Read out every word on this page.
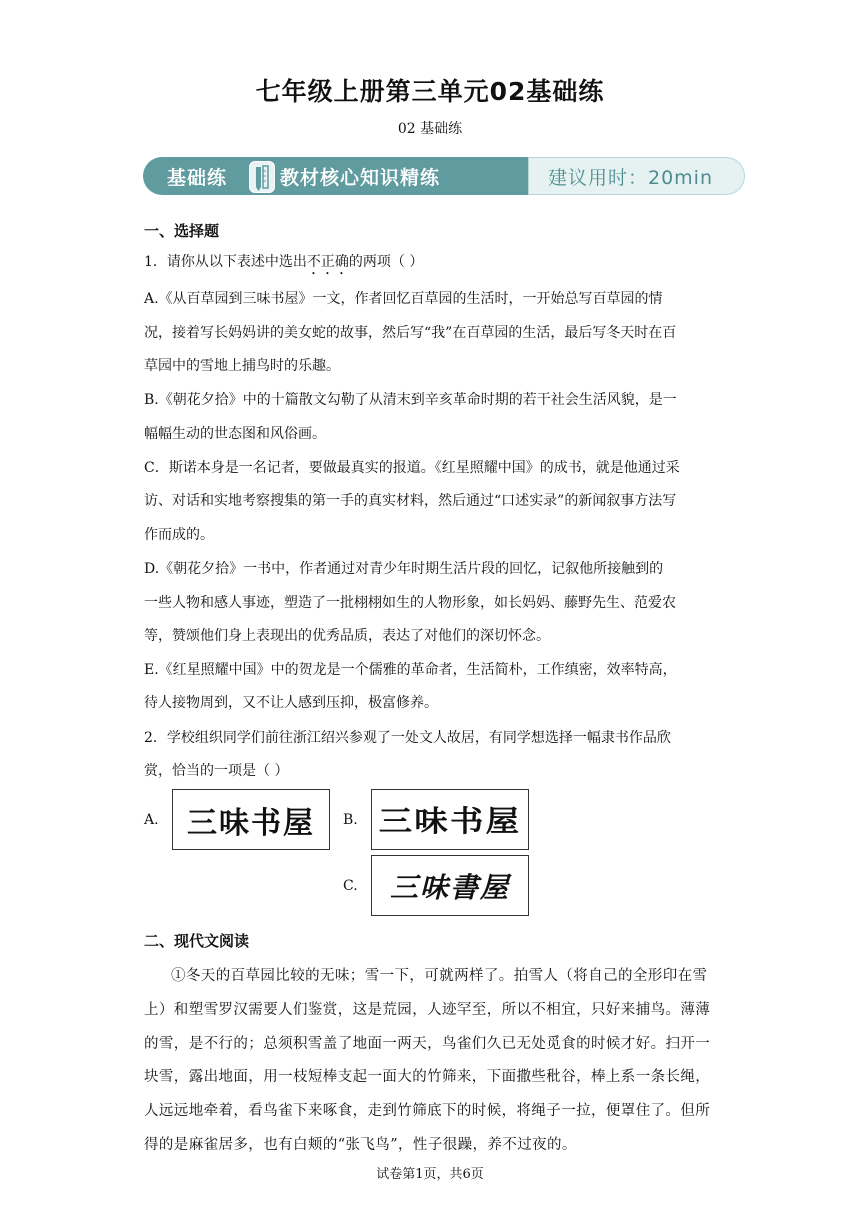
七年级上册第三单元02基础练
02 基础练
基础练	教材核心知识精练	建议用时：20min
一、选择题
1．请你从以下表述中选出不正确的两项（ ）
A.《从百草园到三味书屋》一文，作者回忆百草园的生活时，一开始总写百草园的情
况，接着写长妈妈讲的美女蛇的故事，然后写“我”在百草园的生活，最后写冬天时在百
草园中的雪地上捕鸟时的乐趣。
B.《朝花夕拾》中的十篇散文勾勒了从清末到辛亥革命时期的若干社会生活风貌，是一
幅幅生动的世态图和风俗画。
C．斯诺本身是一名记者，要做最真实的报道。《红星照耀中国》的成书，就是他通过采
访、对话和实地考察搜集的第一手的真实材料，然后通过“口述实录”的新闻叙事方法写
作而成的。
D.《朝花夕拾》一书中，作者通过对青少年时期生活片段的回忆，记叙他所接触到的
一些人物和感人事迹，塑造了一批栩栩如生的人物形象，如长妈妈、藤野先生、范爱农
等，赞颂他们身上表现出的优秀品质，表达了对他们的深切怀念。
E.《红星照耀中国》中的贺龙是一个儒雅的革命者，生活简朴，工作缜密，效率特高，
待人接物周到，又不让人感到压抑，极富修养。
2．学校组织同学们前往浙江绍兴参观了一处文人故居，有同学想选择一幅隶书作品欣
赏，恰当的一项是（ ）
A. 三味书屋 B. 三味书屋
C. 三味書屋
二、现代文阅读
①冬天的百草园比较的无味；雪一下，可就两样了。拍雪人（将自己的全形印在雪
上）和塑雪罗汉需要人们鉴赏，这是荒园，人迹罕至，所以不相宜，只好来捕鸟。薄薄
的雪，是不行的；总须积雪盖了地面一两天，鸟雀们久已无处觅食的时候才好。扫开一
块雪，露出地面，用一枝短棒支起一面大的竹筛来，下面撒些秕谷，棒上系一条长绳，
人远远地牵着，看鸟雀下来啄食，走到竹筛底下的时候，将绳子一拉，便罩住了。但所
得的是麻雀居多，也有白颊的“张飞鸟”，性子很躁，养不过夜的。
试卷第1页，共6页
